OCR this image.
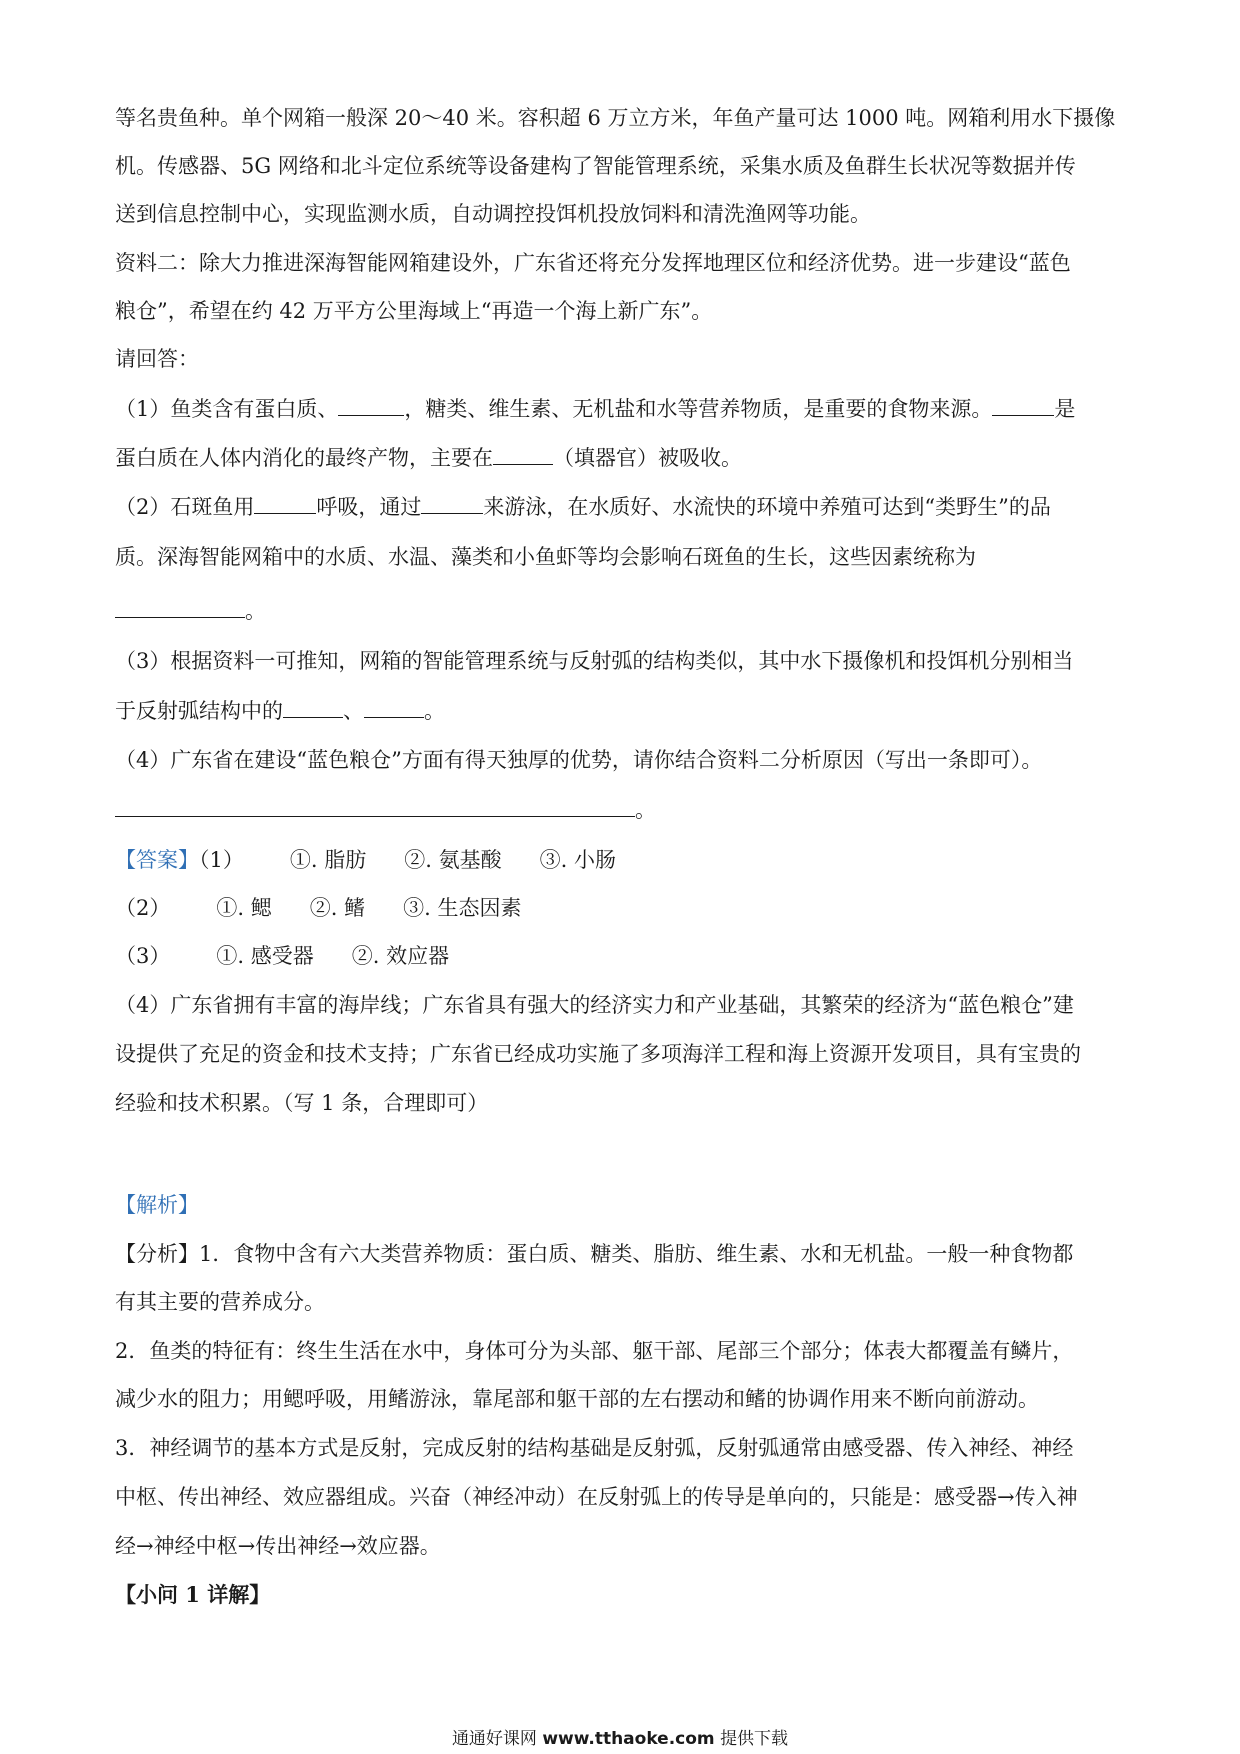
等名贵鱼种。单个网箱一般深 20～40 米。容积超 6 万立方米，年鱼产量可达 1000 吨。网箱利用水下摄像
机。传感器、5G 网络和北斗定位系统等设备建构了智能管理系统，采集水质及鱼群生长状况等数据并传
送到信息控制中心，实现监测水质，自动调控投饵机投放饲料和清洗渔网等功能。
资料二：除大力推进深海智能网箱建设外，广东省还将充分发挥地理区位和经济优势。进一步建设“蓝色
粮仓”，希望在约 42 万平方公里海域上“再造一个海上新广东”。
请回答：
（1）鱼类含有蛋白质、	，糖类、维生素、无机盐和水等营养物质，是重要的食物来源。	是
蛋白质在人体内消化的最终产物，主要在	（填器官）被吸收。
（2）石斑鱼用	呼吸，通过	来游泳，在水质好、水流快的环境中养殖可达到“类野生”的品
质。深海智能网箱中的水质、水温、藻类和小鱼虾等均会影响石斑鱼的生长，这些因素统称为
。
（3）根据资料一可推知，网箱的智能管理系统与反射弧的结构类似，其中水下摄像机和投饵机分别相当
于反射弧结构中的	、	。
（4）广东省在建设“蓝色粮仓”方面有得天独厚的优势，请你结合资料二分析原因（写出一条即可）。
。
【答案】（1） ①. 脂肪 ②. 氨基酸 ③. 小肠
（2） ①. 鳃 ②. 鳍 ③. 生态因素
（3） ①. 感受器 ②. 效应器
（4）广东省拥有丰富的海岸线；广东省具有强大的经济实力和产业基础，其繁荣的经济为“蓝色粮仓”建
设提供了充足的资金和技术支持；广东省已经成功实施了多项海洋工程和海上资源开发项目，具有宝贵的
经验和技术积累。（写 1 条，合理即可）
【解析】
【分析】1．食物中含有六大类营养物质：蛋白质、糖类、脂肪、维生素、水和无机盐。一般一种食物都
有其主要的营养成分。
2．鱼类的特征有：终生生活在水中，身体可分为头部、躯干部、尾部三个部分；体表大都覆盖有鳞片，
减少水的阻力；用鳃呼吸，用鳍游泳，靠尾部和躯干部的左右摆动和鳍的协调作用来不断向前游动。
3．神经调节的基本方式是反射，完成反射的结构基础是反射弧，反射弧通常由感受器、传入神经、神经
中枢、传出神经、效应器组成。兴奋（神经冲动）在反射弧上的传导是单向的，只能是：感受器→传入神
经→神经中枢→传出神经→效应器。
【小问 1 详解】
通通好课网 www.tthaoke.com 提供下载
